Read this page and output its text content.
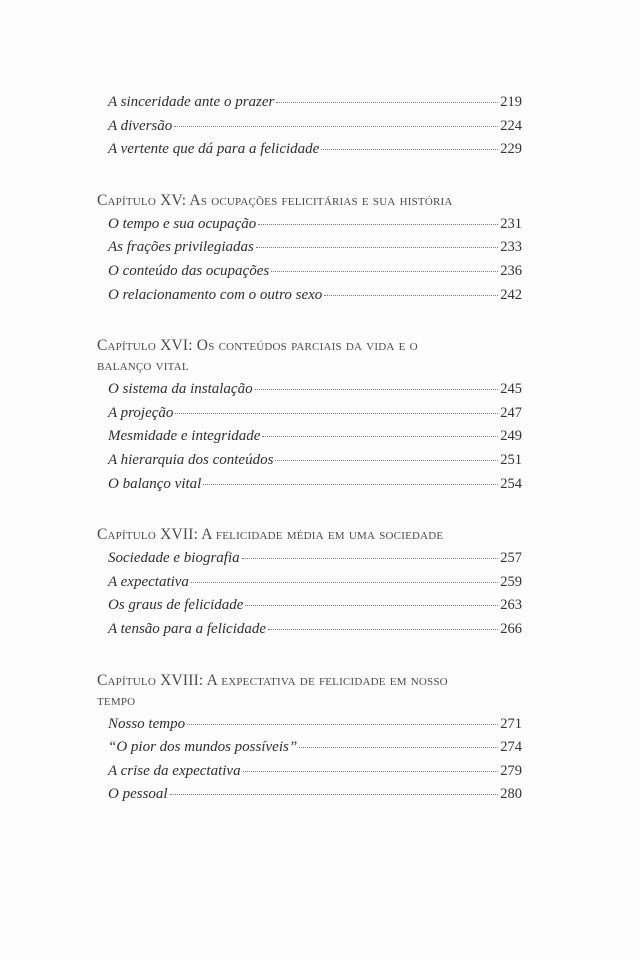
A sinceridade ante o prazer	219
A diversão	224
A vertente que dá para a felicidade	229
Capítulo XV: As ocupações felicitárias e sua história
O tempo e sua ocupação	231
As frações privilegiadas	233
O conteúdo das ocupações	236
O relacionamento com o outro sexo	242
Capítulo XVI: Os conteúdos parciais da vida e o
balanço vital
O sistema da instalação	245
A projeção	247
Mesmidade e integridade	249
A hierarquia dos conteúdos	251
O balanço vital	254
Capítulo XVII: A felicidade média em uma sociedade
Sociedade e biografia	257
A expectativa	259
Os graus de felicidade	263
A tensão para a felicidade	266
Capítulo XVIII: A expectativa de felicidade em nosso
tempo
Nosso tempo	271
“O pior dos mundos possíveis”	274
A crise da expectativa	279
O pessoal	280
